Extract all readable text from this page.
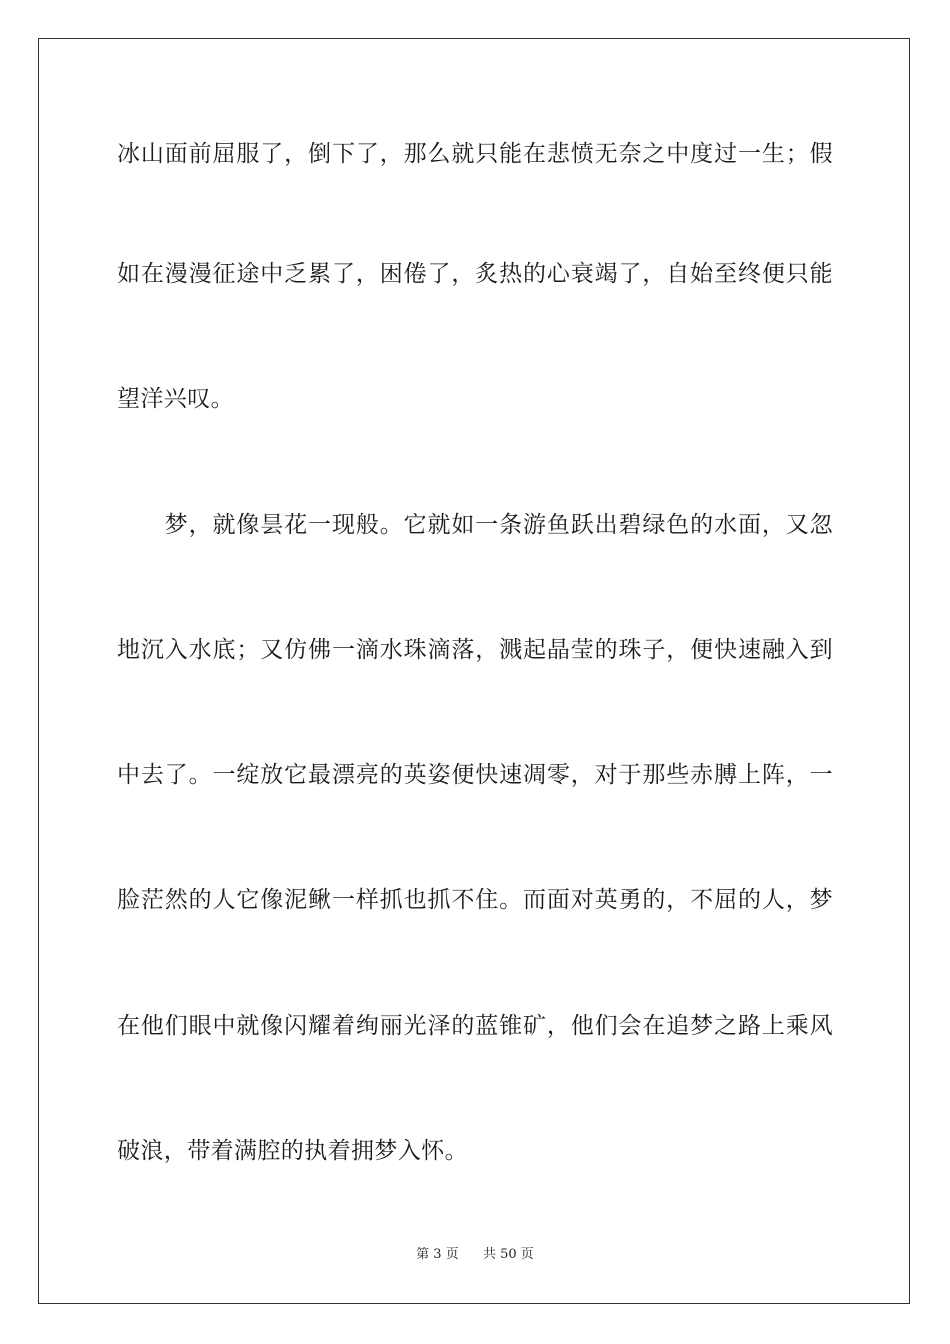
冰山面前屈服了，倒下了，那么就只能在悲愤无奈之中度过一生；假
如在漫漫征途中乏累了，困倦了，炙热的心衰竭了，自始至终便只能
望洋兴叹。
　　梦，就像昙花一现般。它就如一条游鱼跃出碧绿色的水面，又忽
地沉入水底；又仿佛一滴水珠滴落，溅起晶莹的珠子，便快速融入到
中去了。一绽放它最漂亮的英姿便快速凋零，对于那些赤膊上阵，一
脸茫然的人它像泥鳅一样抓也抓不住。而面对英勇的，不屈的人，梦
在他们眼中就像闪耀着绚丽光泽的蓝锥矿，他们会在追梦之路上乘风
破浪，带着满腔的执着拥梦入怀。
第 3 页 共 50 页
